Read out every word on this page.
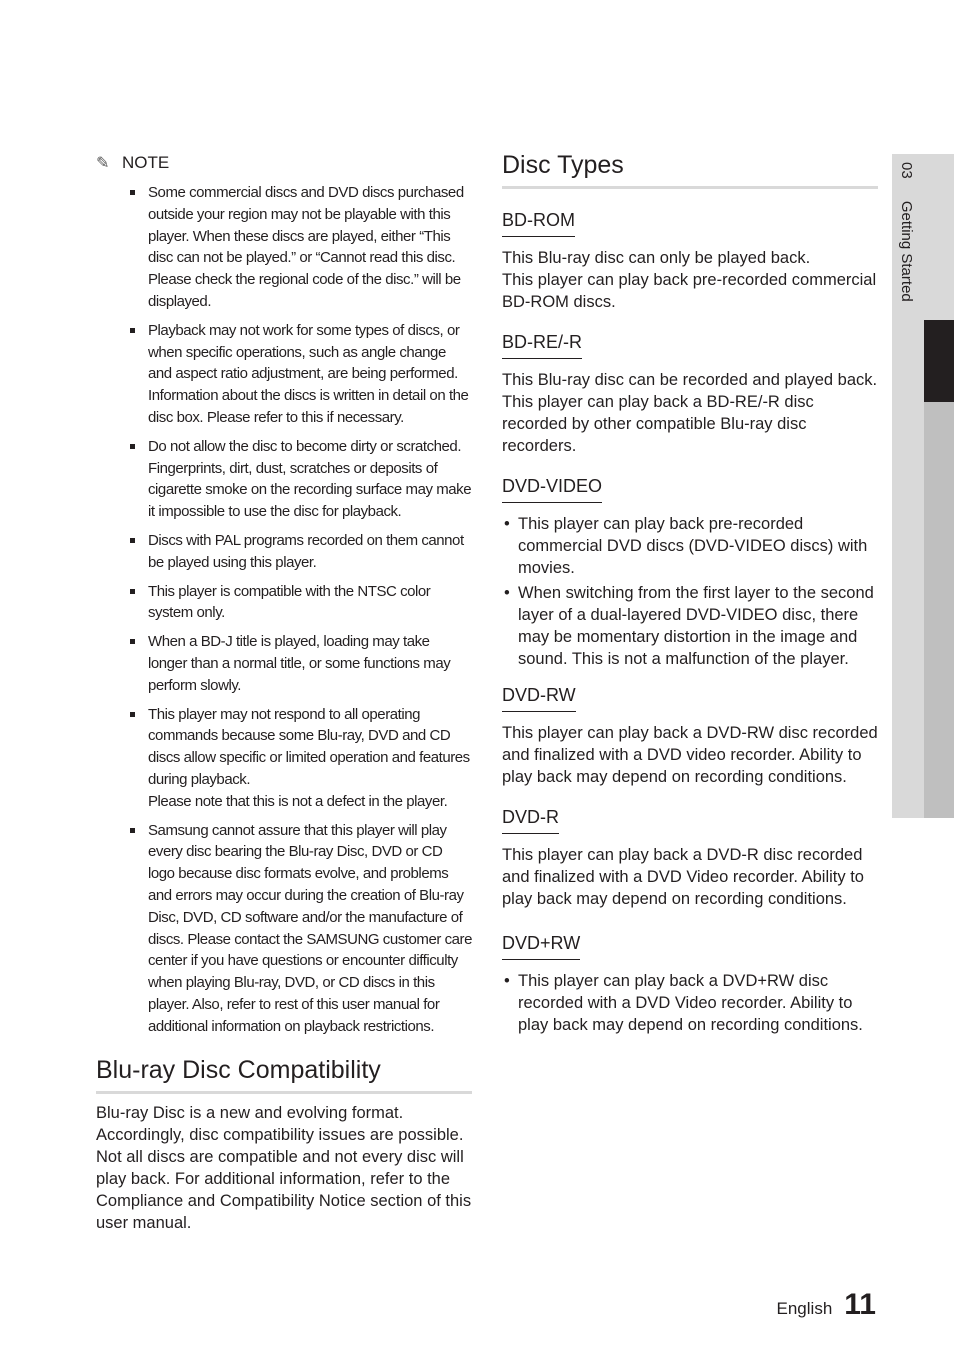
✎ NOTE
Some commercial discs and DVD discs purchased outside your region may not be playable with this player. When these discs are played, either “This disc can not be played.” or “Cannot read this disc. Please check the regional code of the disc.” will be displayed.
Playback may not work for some types of discs, or when specific operations, such as angle change and aspect ratio adjustment, are being performed. Information about the discs is written in detail on the disc box. Please refer to this if necessary.
Do not allow the disc to become dirty or scratched. Fingerprints, dirt, dust, scratches or deposits of cigarette smoke on the recording surface may make it impossible to use the disc for playback.
Discs with PAL programs recorded on them cannot be played using this player.
This player is compatible with the NTSC color system only.
When a BD-J title is played, loading may take longer than a normal title, or some functions may perform slowly.
This player may not respond to all operating commands because some Blu-ray, DVD and CD discs allow specific or limited operation and features during playback.
Please note that this is not a defect in the player.
Samsung cannot assure that this player will play every disc bearing the Blu-ray Disc, DVD or CD logo because disc formats evolve, and problems and errors may occur during the creation of Blu-ray Disc, DVD, CD software and/or the manufacture of discs. Please contact the SAMSUNG customer care center if you have questions or encounter difficulty when playing Blu-ray, DVD, or CD discs in this player. Also, refer to rest of this user manual for additional information on playback restrictions.
Blu-ray Disc Compatibility

Blu-ray Disc is a new and evolving format. Accordingly, disc compatibility issues are possible. Not all discs are compatible and not every disc will play back. For additional information, refer to the Compliance and Compatibility Notice section of this user manual.

Disc Types
BD-ROM

This Blu-ray disc can only be played back.
This player can play back pre-recorded commercial BD-ROM discs.

BD-RE/-R

This Blu-ray disc can be recorded and played back.
This player can play back a BD-RE/-R disc recorded by other compatible Blu-ray disc recorders.

DVD-VIDEO
• This player can play back pre-recorded commercial DVD discs (DVD-VIDEO discs) with movies.
• When switching from the first layer to the second layer of a dual-layered DVD-VIDEO disc, there may be momentary distortion in the image and sound. This is not a malfunction of the player.
DVD-RW

This player can play back a DVD-RW disc recorded and finalized with a DVD video recorder. Ability to play back may depend on recording conditions.

DVD-R

This player can play back a DVD-R disc recorded and finalized with a DVD Video recorder. Ability to play back may depend on recording conditions.

DVD+RW
• This player can play back a DVD+RW disc recorded with a DVD Video recorder. Ability to play back may depend on recording conditions.
03 Getting Started
English 11
